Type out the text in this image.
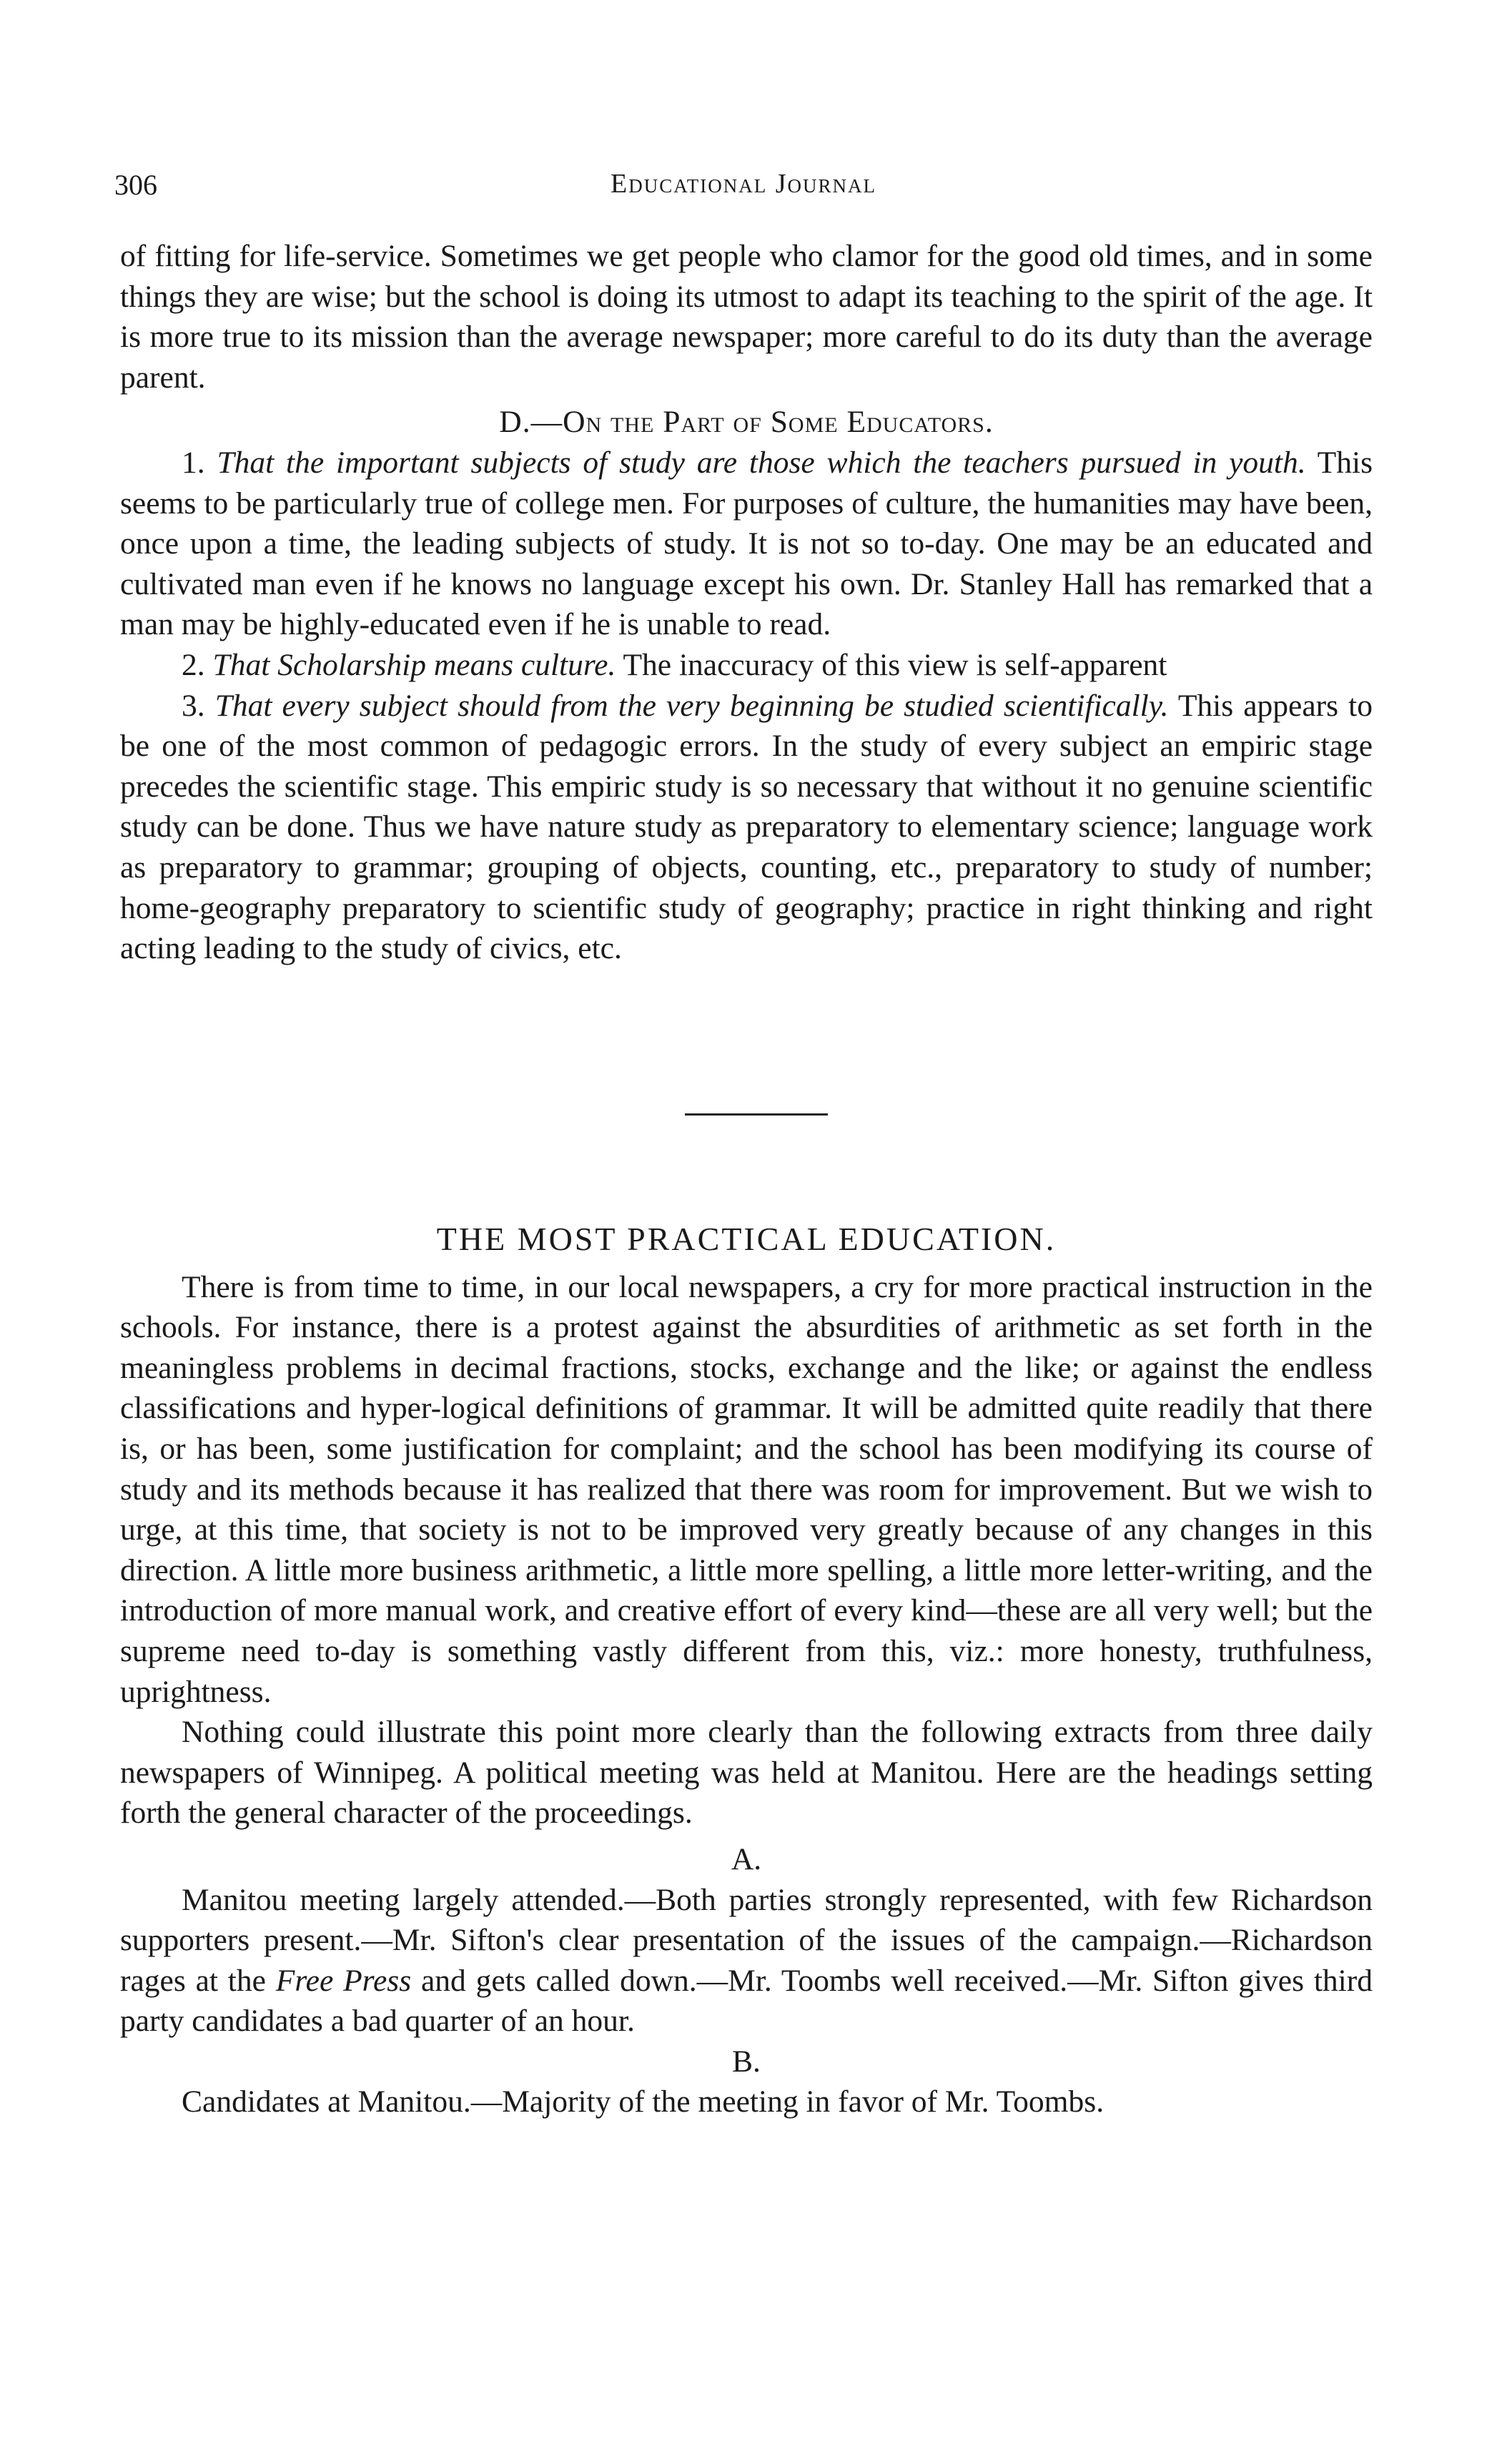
306	Educational Journal

of fitting for life-service. Sometimes we get people who clamor for the good old times, and in some things they are wise; but the school is doing its utmost to adapt its teaching to the spirit of the age. It is more true to its mission than the average newspaper; more careful to do its duty than the average parent.

D.—On the Part of Some Educators.

1. That the important subjects of study are those which the teachers pursued in youth. This seems to be particularly true of college men. For purposes of culture, the humanities may have been, once upon a time, the leading subjects of study. It is not so to-day. One may be an educated and cultivated man even if he knows no language except his own. Dr. Stanley Hall has remarked that a man may be highly-educated even if he is unable to read.

2. That Scholarship means culture. The inaccuracy of this view is self-apparent

3. That every subject should from the very beginning be studied scientifically. This appears to be one of the most common of pedagogic errors. In the study of every subject an empiric stage precedes the scientific stage. This empiric study is so necessary that without it no genuine scientific study can be done. Thus we have nature study as preparatory to elementary science; language work as preparatory to grammar; grouping of objects, counting, etc., preparatory to study of number; home-geography preparatory to scientific study of geography; practice in right thinking and right acting leading to the study of civics, etc.

THE MOST PRACTICAL EDUCATION.

There is from time to time, in our local newspapers, a cry for more practical instruction in the schools. For instance, there is a protest against the absurdities of arithmetic as set forth in the meaningless problems in decimal fractions, stocks, exchange and the like; or against the endless classifications and hyper-logical definitions of grammar. It will be admitted quite readily that there is, or has been, some justification for complaint; and the school has been modifying its course of study and its methods because it has realized that there was room for improvement. But we wish to urge, at this time, that society is not to be improved very greatly because of any changes in this direction. A little more business arithmetic, a little more spelling, a little more letter-writing, and the introduction of more manual work, and creative effort of every kind—these are all very well; but the supreme need to-day is something vastly different from this, viz.: more honesty, truthfulness, uprightness.

Nothing could illustrate this point more clearly than the following extracts from three daily newspapers of Winnipeg. A political meeting was held at Manitou. Here are the headings setting forth the general character of the proceedings.

A.

Manitou meeting largely attended.—Both parties strongly represented, with few Richardson supporters present.—Mr. Sifton's clear presentation of the issues of the campaign.—Richardson rages at the Free Press and gets called down.—Mr. Toombs well received.—Mr. Sifton gives third party candidates a bad quarter of an hour.

B.

Candidates at Manitou.—Majority of the meeting in favor of Mr. Toombs.
